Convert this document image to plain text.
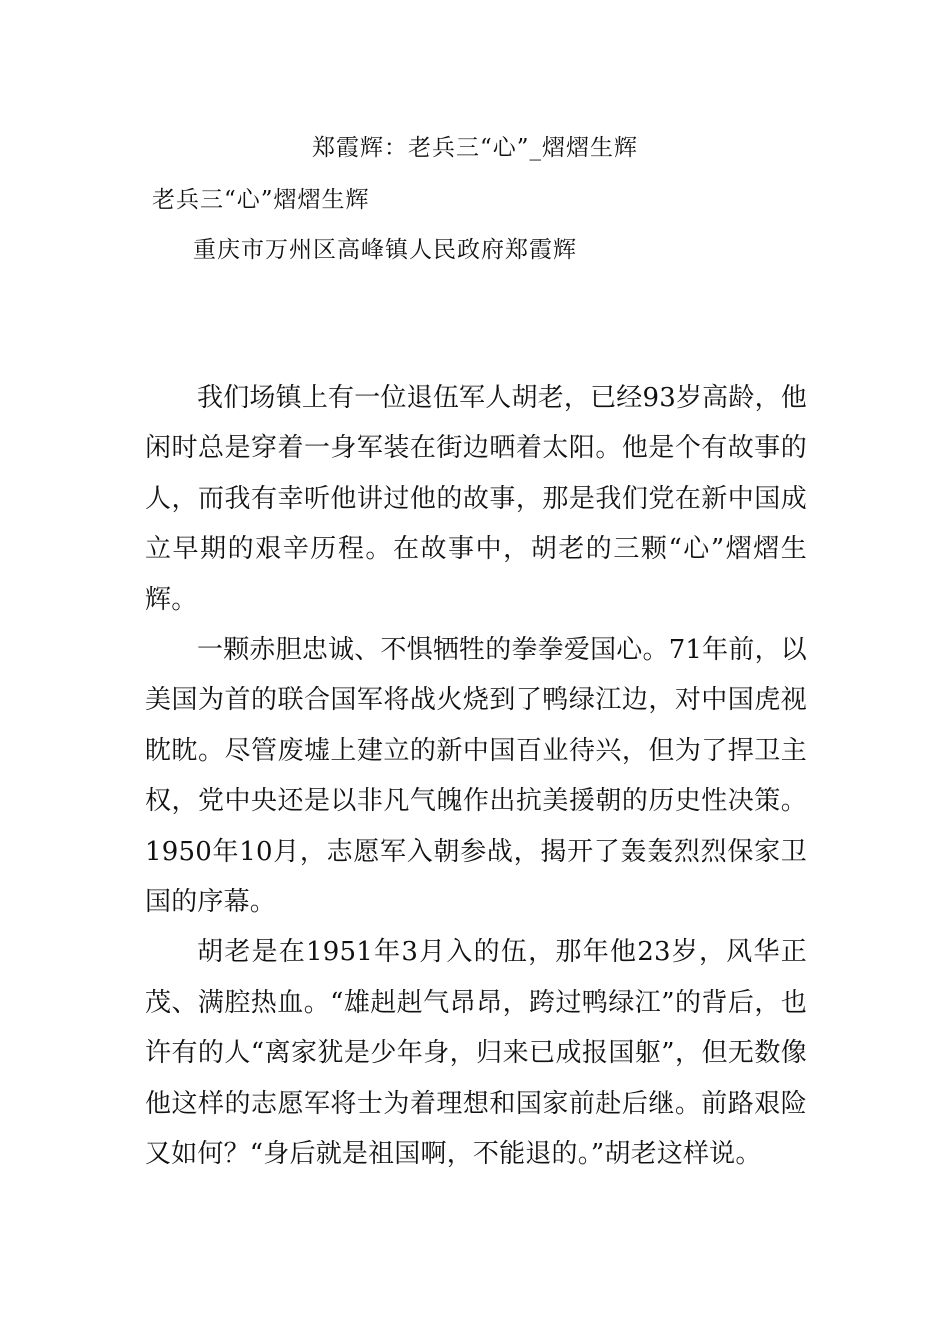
郑霞辉：老兵三“心”_熠熠生辉
老兵三“心”熠熠生辉
重庆市万州区高峰镇人民政府郑霞辉

我们场镇上有一位退伍军人胡老，已经93岁高龄，他闲时总是穿着一身军装在街边晒着太阳。他是个有故事的人，而我有幸听他讲过他的故事，那是我们党在新中国成立早期的艰辛历程。在故事中，胡老的三颗“心”熠熠生辉。

一颗赤胆忠诚、不惧牺牲的拳拳爱国心。71年前，以美国为首的联合国军将战火烧到了鸭绿江边，对中国虎视眈眈。尽管废墟上建立的新中国百业待兴，但为了捍卫主权，党中央还是以非凡气魄作出抗美援朝的历史性决策。1950年10月，志愿军入朝参战，揭开了轰轰烈烈保家卫国的序幕。

胡老是在1951年3月入的伍，那年他23岁，风华正茂、满腔热血。“雄赳赳气昂昂，跨过鸭绿江”的背后，也许有的人“离家犹是少年身，归来已成报国躯”，但无数像他这样的志愿军将士为着理想和国家前赴后继。前路艰险又如何？“身后就是祖国啊，不能退的。”胡老这样说。
